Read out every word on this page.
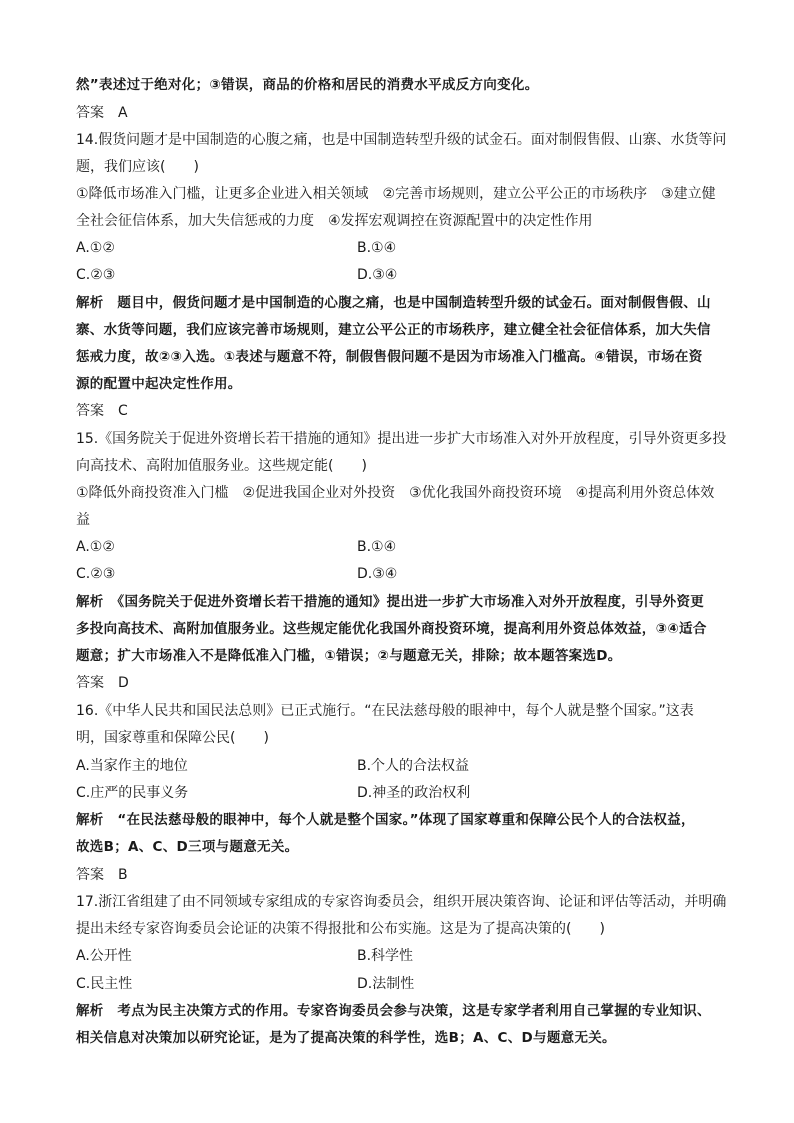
然”表述过于绝对化；③错误，商品的价格和居民的消费水平成反方向变化。
答案　A
14.假货问题才是中国制造的心腹之痛，也是中国制造转型升级的试金石。面对制假售假、山寨、水货等问
题，我们应该(　　)
①降低市场准入门槛，让更多企业进入相关领域　②完善市场规则，建立公平公正的市场秩序　③建立健
全社会征信体系，加大失信惩戒的力度　④发挥宏观调控在资源配置中的决定性作用
A.①②	B.①④
C.②③	D.③④
解析　题目中，假货问题才是中国制造的心腹之痛，也是中国制造转型升级的试金石。面对制假售假、山
寨、水货等问题，我们应该完善市场规则，建立公平公正的市场秩序，建立健全社会征信体系，加大失信
惩戒力度，故②③入选。①表述与题意不符，制假售假问题不是因为市场准入门槛高。④错误，市场在资
源的配置中起决定性作用。
答案　C
15.《国务院关于促进外资增长若干措施的通知》提出进一步扩大市场准入对外开放程度，引导外资更多投
向高技术、高附加值服务业。这些规定能(　　)
①降低外商投资准入门槛　②促进我国企业对外投资　③优化我国外商投资环境　④提高利用外资总体效
益
A.①②	B.①④
C.②③	D.③④
解析　《国务院关于促进外资增长若干措施的通知》提出进一步扩大市场准入对外开放程度，引导外资更
多投向高技术、高附加值服务业。这些规定能优化我国外商投资环境，提高利用外资总体效益，③④适合
题意；扩大市场准入不是降低准入门槛，①错误；②与题意无关，排除；故本题答案选D。
答案　D
16.《中华人民共和国民法总则》已正式施行。“在民法慈母般的眼神中，每个人就是整个国家。”这表
明，国家尊重和保障公民(　　)
A.当家作主的地位	B.个人的合法权益
C.庄严的民事义务	D.神圣的政治权利
解析　“在民法慈母般的眼神中，每个人就是整个国家。”体现了国家尊重和保障公民个人的合法权益，
故选B；A、C、D三项与题意无关。
答案　B
17.浙江省组建了由不同领域专家组成的专家咨询委员会，组织开展决策咨询、论证和评估等活动，并明确
提出未经专家咨询委员会论证的决策不得报批和公布实施。这是为了提高决策的(　　)
A.公开性	B.科学性
C.民主性	D.法制性
解析　考点为民主决策方式的作用。专家咨询委员会参与决策，这是专家学者利用自己掌握的专业知识、
相关信息对决策加以研究论证，是为了提高决策的科学性，选B；A、C、D与题意无关。
